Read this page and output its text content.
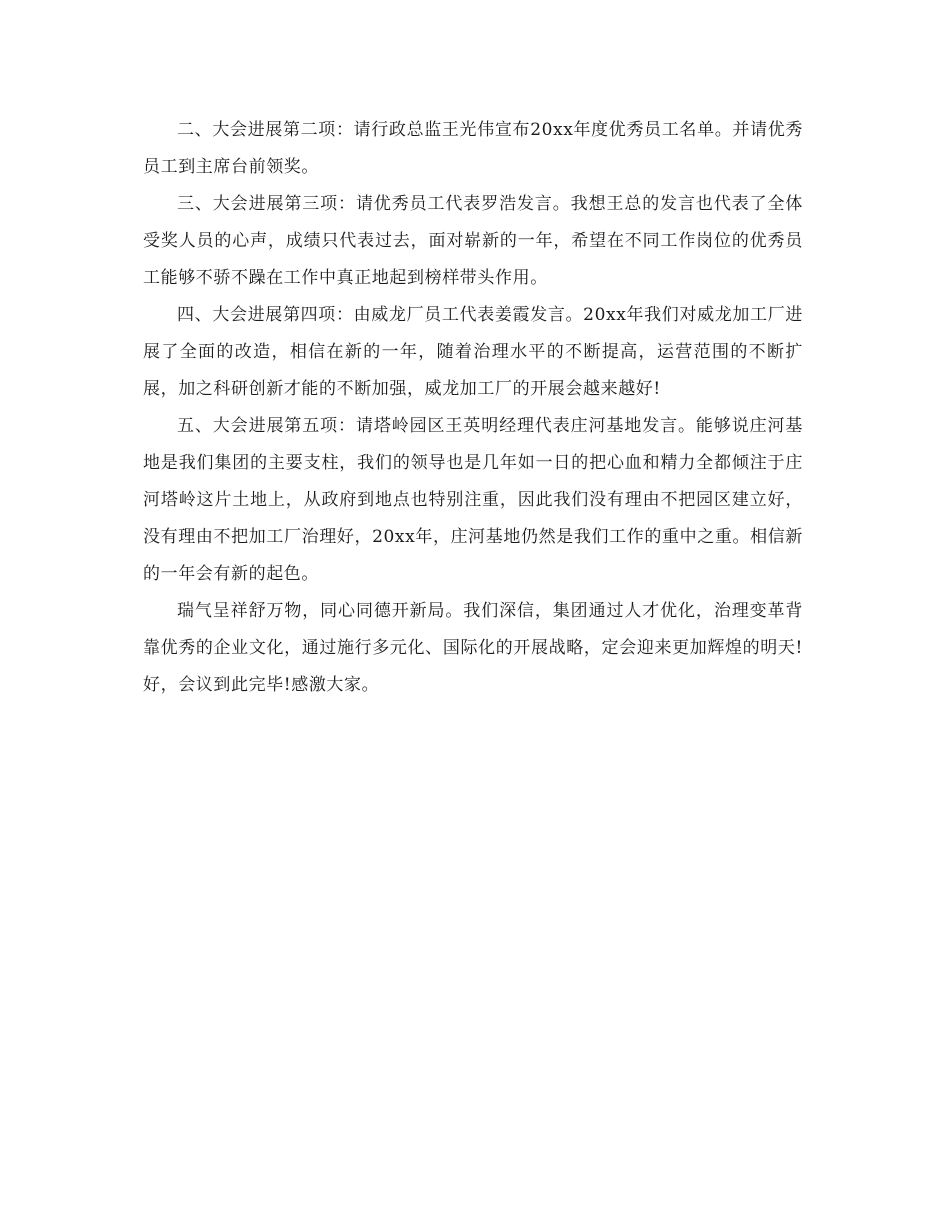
二、大会进展第二项：请行政总监王光伟宣布20xx年度优秀员工名单。并请优秀员工到主席台前领奖。

三、大会进展第三项：请优秀员工代表罗浩发言。我想王总的发言也代表了全体受奖人员的心声，成绩只代表过去，面对崭新的一年，希望在不同工作岗位的优秀员工能够不骄不躁在工作中真正地起到榜样带头作用。

四、大会进展第四项：由威龙厂员工代表姜霞发言。20xx年我们对威龙加工厂进展了全面的改造，相信在新的一年，随着治理水平的不断提高，运营范围的不断扩展，加之科研创新才能的不断加强，威龙加工厂的开展会越来越好!

五、大会进展第五项：请塔岭园区王英明经理代表庄河基地发言。能够说庄河基地是我们集团的主要支柱，我们的领导也是几年如一日的把心血和精力全都倾注于庄河塔岭这片土地上，从政府到地点也特别注重，因此我们没有理由不把园区建立好，没有理由不把加工厂治理好，20xx年，庄河基地仍然是我们工作的重中之重。相信新的一年会有新的起色。

瑞气呈祥舒万物，同心同德开新局。我们深信，集团通过人才优化，治理变革背靠优秀的企业文化，通过施行多元化、国际化的开展战略，定会迎来更加辉煌的明天!好，会议到此完毕!感激大家。
